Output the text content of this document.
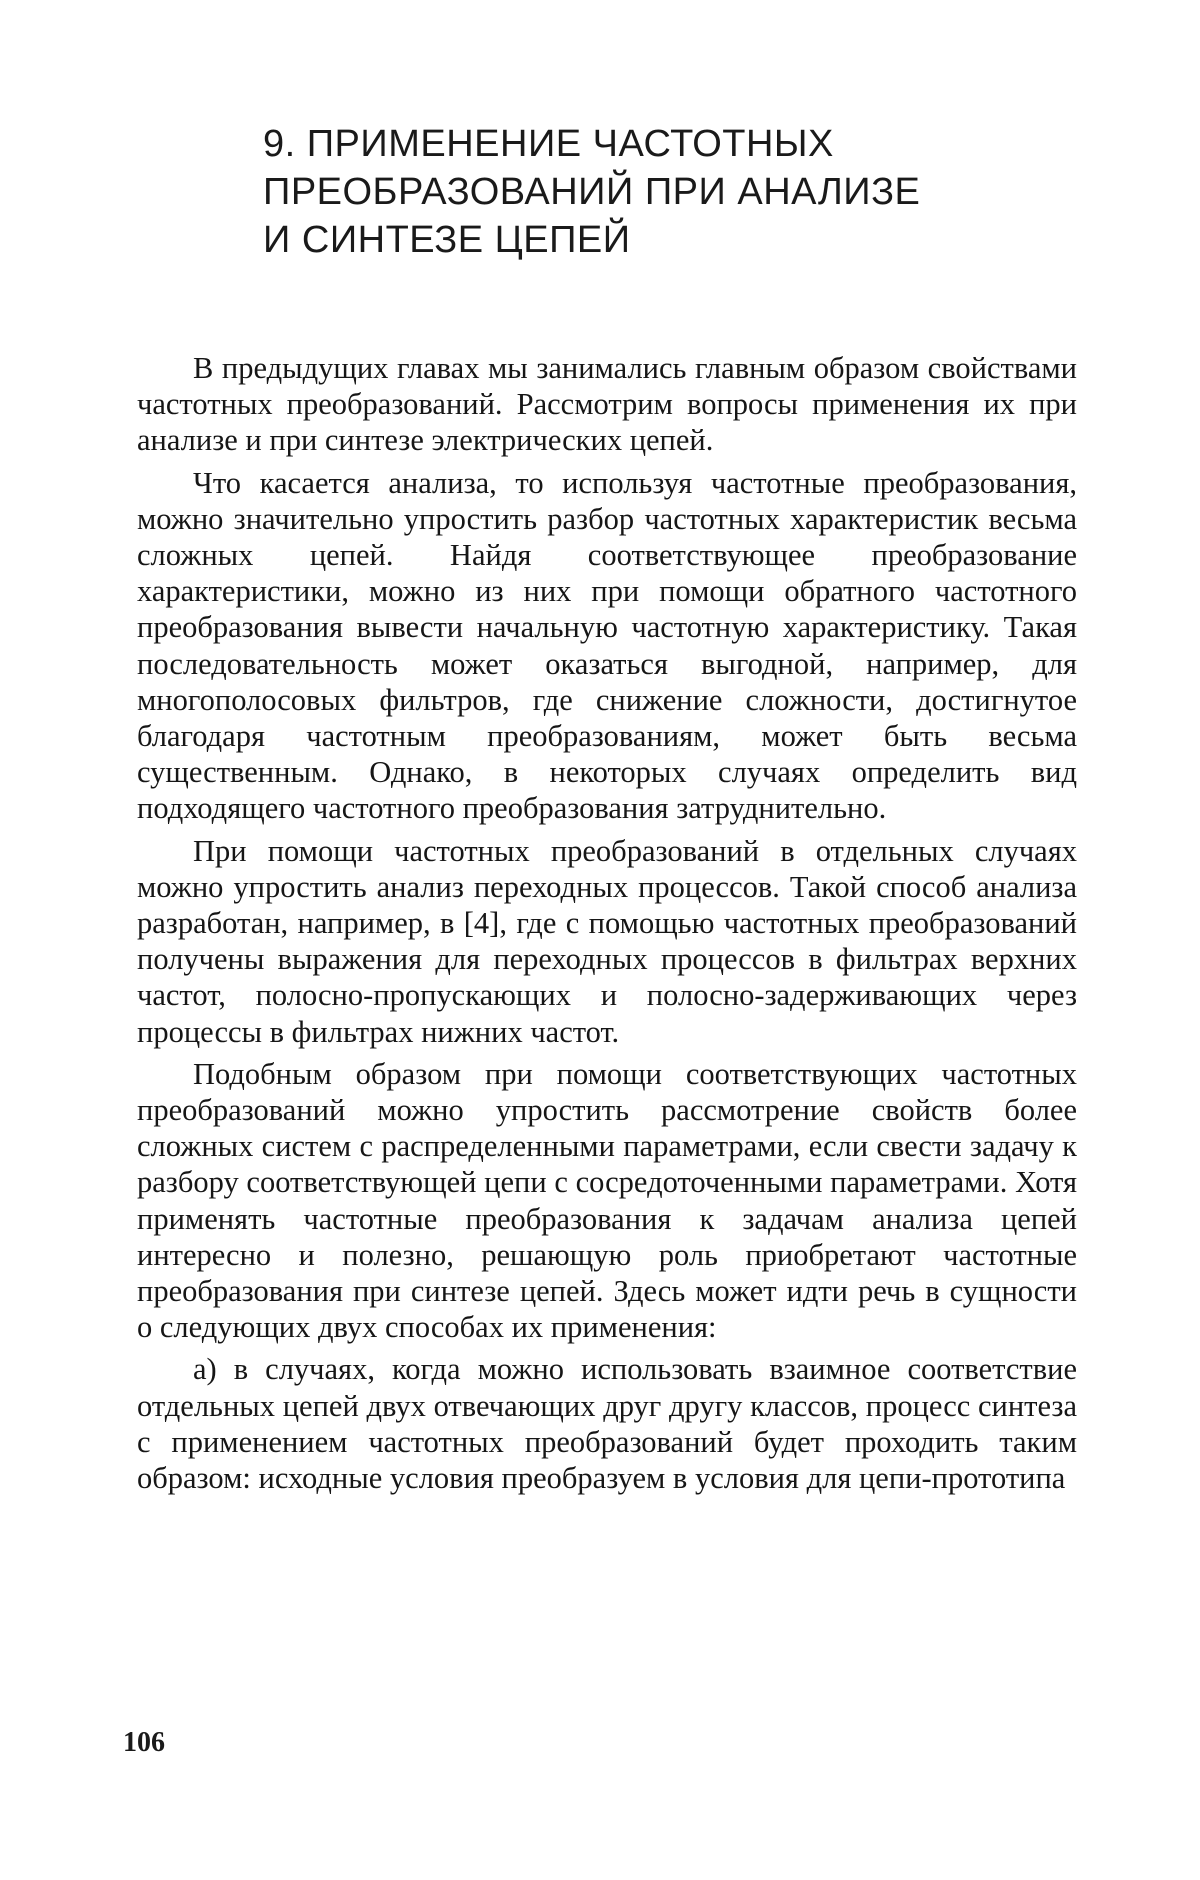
9. ПРИМЕНЕНИЕ ЧАСТОТНЫХ
ПРЕОБРАЗОВАНИЙ ПРИ АНАЛИЗЕ
И СИНТЕЗЕ ЦЕПЕЙ

В предыдущих главах мы занимались главным образом свойствами частотных преобразований. Рассмотрим вопросы применения их при анализе и при синтезе электрических цепей.

Что касается анализа, то используя частотные преобразования, можно значительно упростить разбор частотных характеристик весьма сложных цепей. Найдя соответствующее преобразование характеристики, можно из них при помощи обратного частотного преобразования вывести начальную частотную характеристику. Такая последовательность может оказаться выгодной, например, для многополосовых фильтров, где снижение сложности, достигнутое благодаря частотным преобразованиям, может быть весьма существенным. Однако, в некоторых случаях определить вид подходящего частотного преобразования затруднительно.

При помощи частотных преобразований в отдельных случаях можно упростить анализ переходных процессов. Такой способ анализа разработан, например, в [4], где с помощью частотных преобразований получены выражения для переходных процессов в фильтрах верхних частот, полосно-пропускающих и полосно-задерживающих через процессы в фильтрах нижних частот.

Подобным образом при помощи соответствующих частотных преобразований можно упростить рассмотрение свойств более сложных систем с распределенными параметрами, если свести задачу к разбору соответствующей цепи с сосредоточенными параметрами. Хотя применять частотные преобразования к задачам анализа цепей интересно и полезно, решающую роль приобретают частотные преобразования при синтезе цепей. Здесь может идти речь в сущности о следующих двух способах их применения:

а) в случаях, когда можно использовать взаимное соответствие отдельных цепей двух отвечающих друг другу классов, процесс синтеза с применением частотных преобразований будет проходить таким образом: исходные условия преобразуем в условия для цепи-прототипа

106
